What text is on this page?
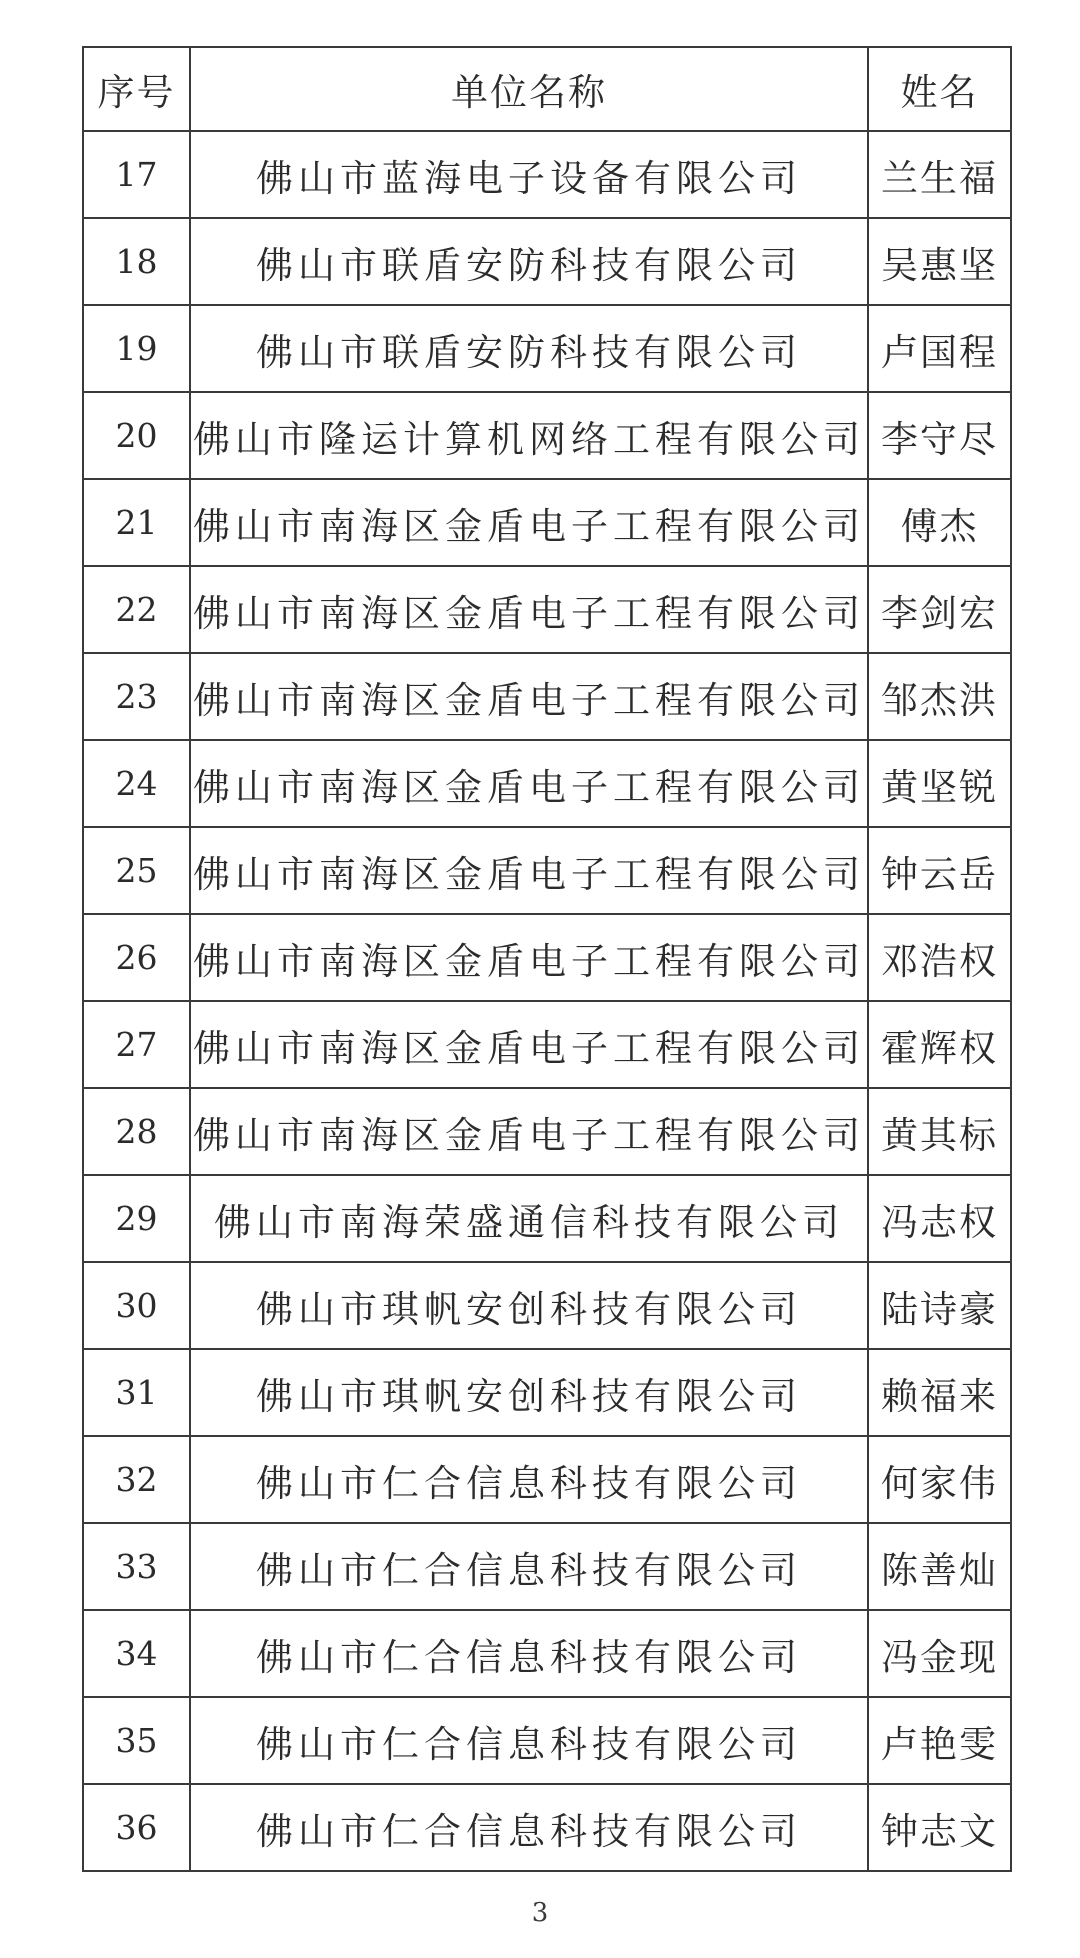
序号	单位名称	姓名
17	佛山市蓝海电子设备有限公司	兰生福
18	佛山市联盾安防科技有限公司	吴惠坚
19	佛山市联盾安防科技有限公司	卢国程
20	佛山市隆运计算机网络工程有限公司	李守尽
21	佛山市南海区金盾电子工程有限公司	傅杰
22	佛山市南海区金盾电子工程有限公司	李剑宏
23	佛山市南海区金盾电子工程有限公司	邹杰洪
24	佛山市南海区金盾电子工程有限公司	黄坚锐
25	佛山市南海区金盾电子工程有限公司	钟云岳
26	佛山市南海区金盾电子工程有限公司	邓浩权
27	佛山市南海区金盾电子工程有限公司	霍辉权
28	佛山市南海区金盾电子工程有限公司	黄其标
29	佛山市南海荣盛通信科技有限公司	冯志权
30	佛山市琪帆安创科技有限公司	陆诗豪
31	佛山市琪帆安创科技有限公司	赖福来
32	佛山市仁合信息科技有限公司	何家伟
33	佛山市仁合信息科技有限公司	陈善灿
34	佛山市仁合信息科技有限公司	冯金现
35	佛山市仁合信息科技有限公司	卢艳雯
36	佛山市仁合信息科技有限公司	钟志文
3
